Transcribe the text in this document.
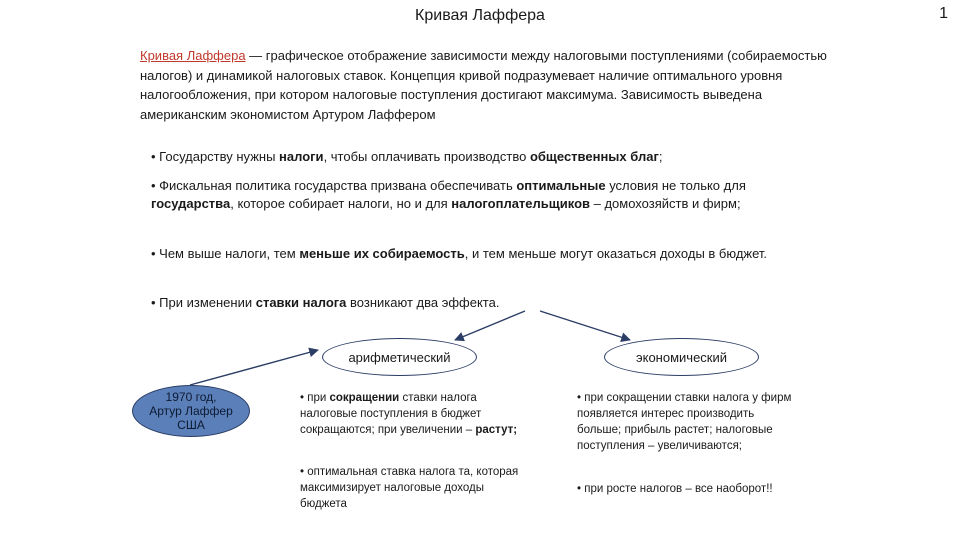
Кривая Лаффера	1
Кривая Лаффера — графическое отображение зависимости между налоговыми поступлениями (собираемостью налогов) и динамикой налоговых ставок. Концепция кривой подразумевает наличие оптимального уровня налогообложения, при котором налоговые поступления достигают максимума. Зависимость выведена американским экономистом Артуром Лаффером
• Государству нужны налоги, чтобы оплачивать производство общественных благ;
• Фискальная политика государства призвана обеспечивать оптимальные условия не только для государства, которое собирает налоги, но и для налогоплательщиков – домохозяйств и фирм;
• Чем выше налоги, тем меньше их собираемость, и тем меньше могут оказаться доходы в бюджет.
• При изменении ставки налога возникают два эффекта.
арифметический	экономический
1970 год,
Артур Лаффер
США
• при сокращении ставки налога налоговые поступления в бюджет сокращаются; при увеличении – растут;
• оптимальная ставка налога та, которая максимизирует налоговые доходы бюджета
• при сокращении ставки налога у фирм появляется интерес производить больше; прибыль растет; налоговые поступления – увеличиваются;
• при росте налогов – все наоборот!!
